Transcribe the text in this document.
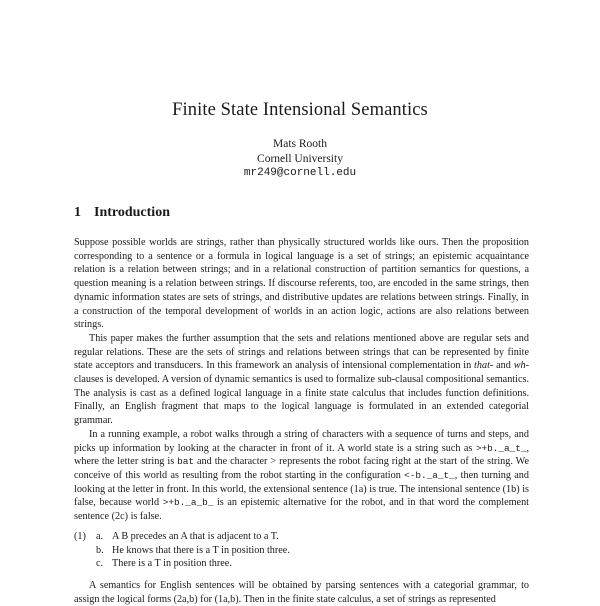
Finite State Intensional Semantics
Mats Rooth
Cornell University
mr249@cornell.edu
1 Introduction

Suppose possible worlds are strings, rather than physically structured worlds like ours. Then the proposition corresponding to a sentence or a formula in logical language is a set of strings; an epistemic acquaintance relation is a relation between strings; and in a relational construction of partition semantics for questions, a question meaning is a relation between strings. If discourse referents, too, are encoded in the same strings, then dynamic information states are sets of strings, and distributive updates are relations between strings. Finally, in a construction of the temporal development of worlds in an action logic, actions are also relations between strings.

This paper makes the further assumption that the sets and relations mentioned above are regular sets and regular relations. These are the sets of strings and relations between strings that can be represented by finite state acceptors and transducers. In this framework an analysis of intensional complementation in that- and wh- clauses is developed. A version of dynamic semantics is used to formalize sub-clausal compositional semantics. The analysis is cast as a defined logical language in a finite state calculus that includes function definitions. Finally, an English fragment that maps to the logical language is formulated in an extended categorial grammar.

In a running example, a robot walks through a string of characters with a sequence of turns and steps, and picks up information by looking at the character in front of it. A world state is a string such as >+b._a_t_, where the letter string is bat and the character > represents the robot facing right at the start of the string. We conceive of this world as resulting from the robot starting in the configuration <-b._a_t_, then turning and looking at the letter in front. In this world, the extensional sentence (1a) is true. The intensional sentence (1b) is false, because world >+b._a_b_ is an epistemic alternative for the robot, and in that word the complement sentence (2c) is false.

(1) a. A B precedes an A that is adjacent to a T.
b. He knows that there is a T in position three.
c. There is a T in position three.

A semantics for English sentences will be obtained by parsing sentences with a categorial grammar, to assign the logical forms (2a,b) for (1a,b). Then in the finite state calculus, a set of strings as represented
